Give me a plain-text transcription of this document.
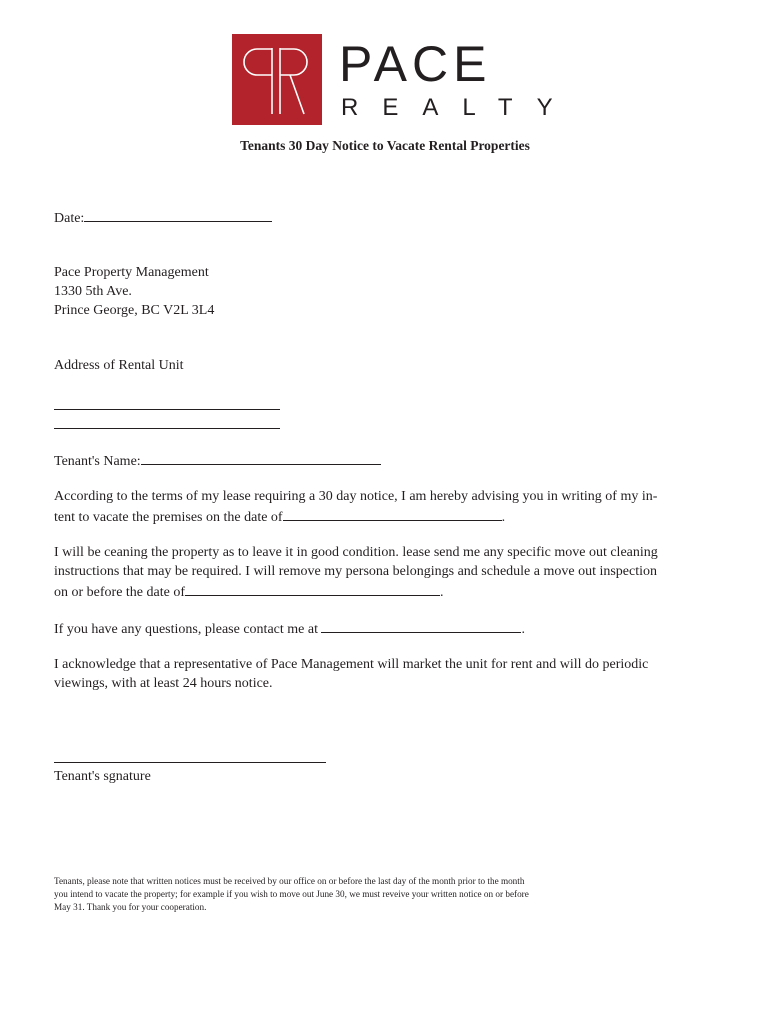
PACE
REALTY
Tenants 30 Day Notice to Vacate Rental Properties
Date:
Pace Property Management
1330 5th Ave.
Prince George, BC V2L 3L4
Address of Rental Unit
Tenant's Name:
According to the terms of my lease requiring a 30 day notice, I am hereby advising you in writing of my in-
tent to vacate the premises on the date of	.
I will be ceaning the property as to leave it in good condition. lease send me any specific move out cleaning
instructions that may be required. I will remove my persona belongings and schedule a move out inspection
on or before the date of	.
If you have any questions, please contact me at	.
I acknowledge that a representative of Pace Management will market the unit for rent and will do periodic
viewings, with at least 24 hours notice.
Tenant's sgnature
Tenants, please note that written notices must be received by our office on or before the last day of the month prior to the month
you intend to vacate the property; for example if you wish to move out June 30, we must reveive your written notice on or before
May 31. Thank you for your cooperation.
